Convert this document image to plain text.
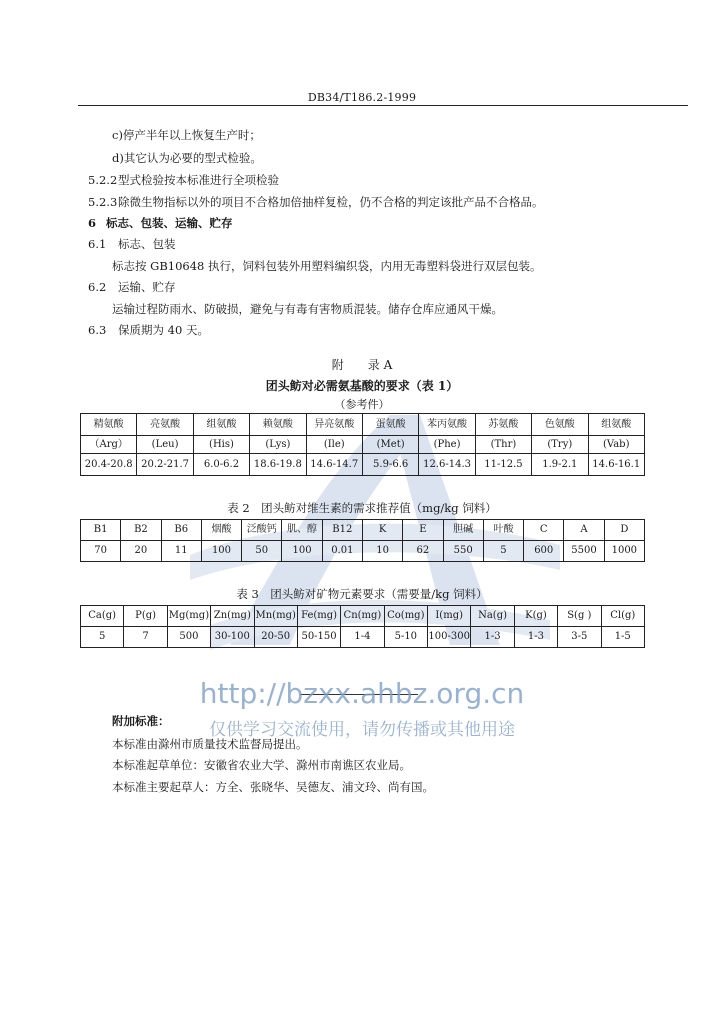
DB34/T186.2-1999
c)停产半年以上恢复生产时；
d)其它认为必要的型式检验。
5.2.2型式检验按本标准进行全项检验
5.2.3除微生物指标以外的项目不合格加倍抽样复检，仍不合格的判定该批产品不合格品。
6 标志、包装、运输、贮存
6.1 标志、包装
标志按 GB10648 执行，饲料包装外用塑料编织袋，内用无毒塑料袋进行双层包装。
6.2 运输、贮存
运输过程防雨水、防破损，避免与有毒有害物质混装。储存仓库应通风干燥。
6.3 保质期为 40 天。
附　　录 A
团头鲂对必需氨基酸的要求（表 1）
（参考件）
精氨酸	亮氨酸	组氨酸	赖氨酸	异亮氨酸	蛋氨酸	苯丙氨酸	苏氨酸	色氨酸	组氨酸
（Arg）	(Leu)	(His)	(Lys)	(Ile)	(Met)	(Phe)	(Thr)	(Try)	(Vab)
20.4-20.8	20.2-21.7	6.0-6.2	18.6-19.8	14.6-14.7	5.9-6.6	12.6-14.3	11-12.5	1.9-2.1	14.6-16.1
表 2　团头鲂对维生素的需求推荐值（mg/kg 饲料）
B1	B2	B6	烟酸	泛酸钙	肌、醇	B12	K	E	胆碱	叶酸	C	A	D
70	20	11	100	50	100	0.01	10	62	550	5	600	5500	1000
表 3　团头鲂对矿物元素要求（需要量/kg 饲料）
Ca(g)	P(g)	Mg(mg)	Zn(mg)	Mn(mg)	Fe(mg)	Cn(mg)	Co(mg)	I(mg)	Na(g)	K(g)	S(g )	Cl(g)
5	7	500	30-100	20-50	50-150	1-4	5-10	100-300	1-3	1-3	3-5	1-5
http://bzxx.ahbz.org.cn
仅供学习交流使用，请勿传播或其他用途
附加标准：
本标准由滁州市质量技术监督局提出。
本标准起草单位：安徽省农业大学、滁州市南谯区农业局。
本标准主要起草人：方全、张晓华、吴德友、浦文玲、尚有国。
